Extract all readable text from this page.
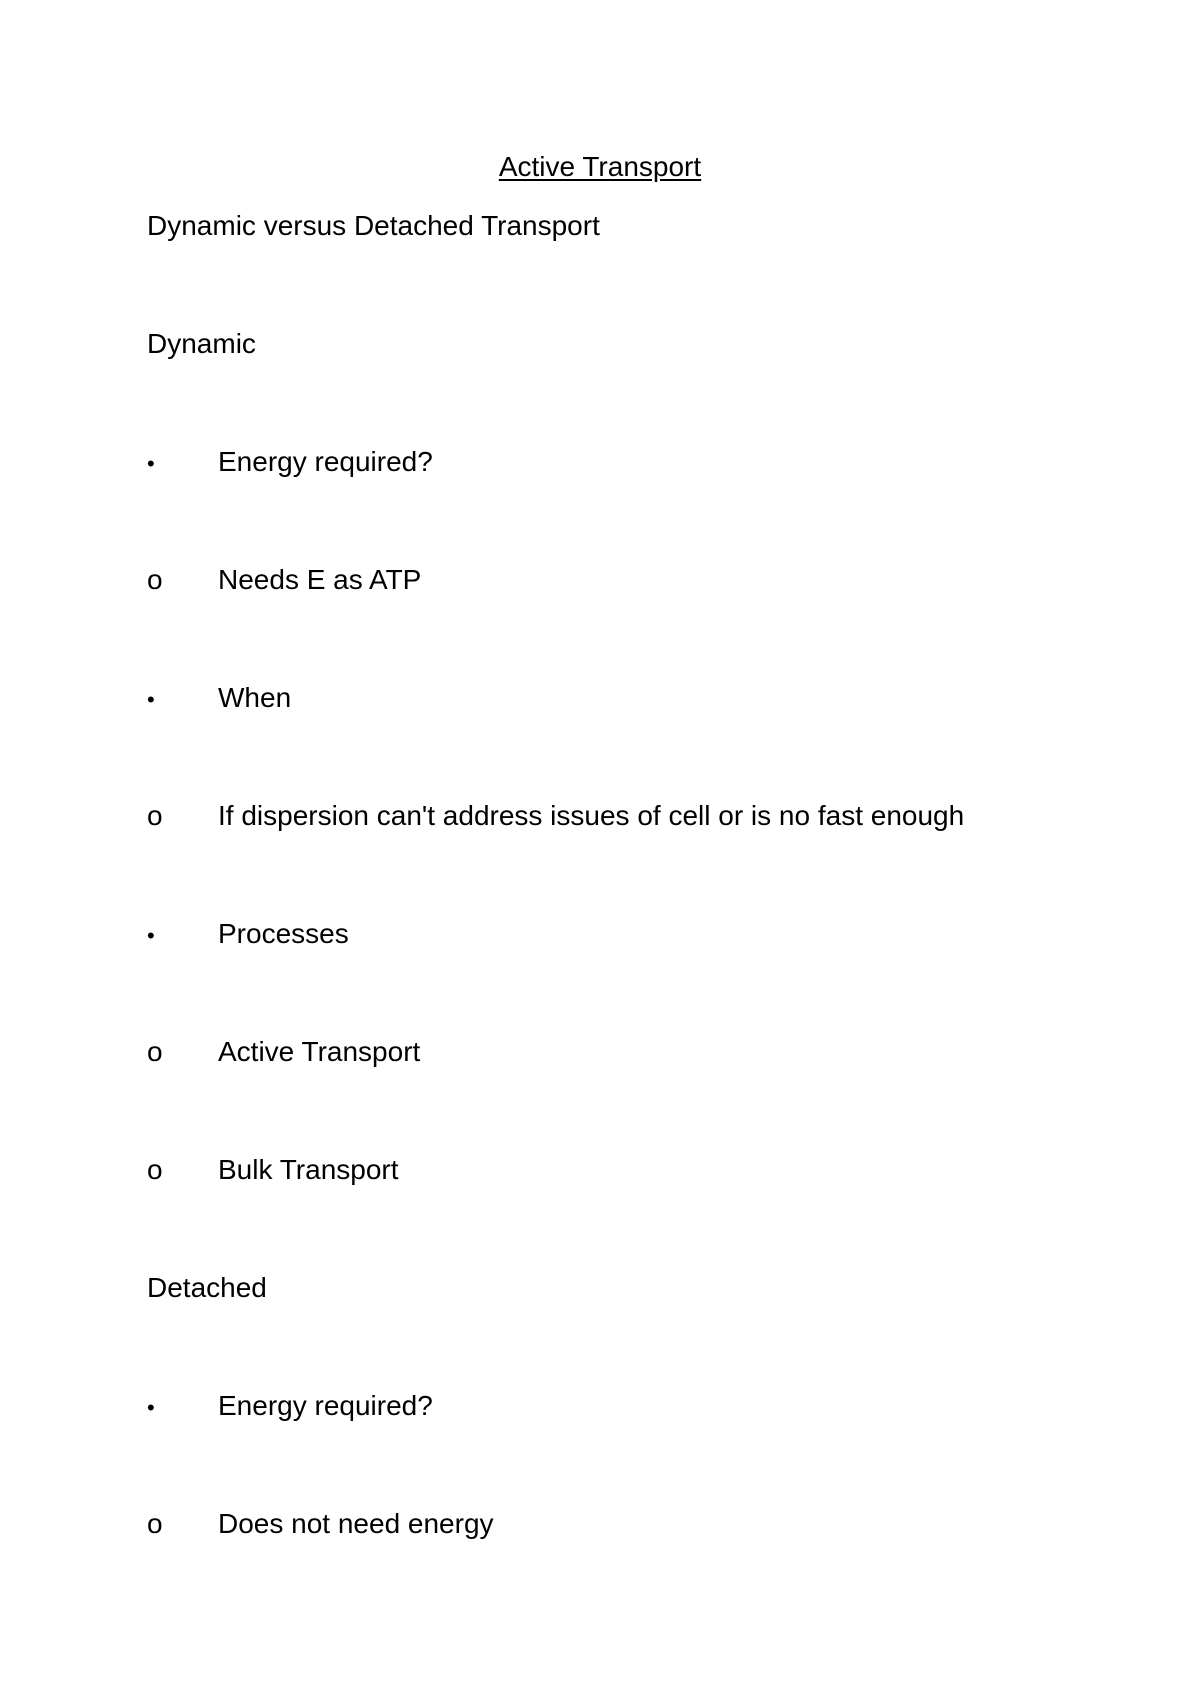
Active Transport
Dynamic versus Detached Transport
Dynamic
•	Energy required?
o	Needs E as ATP
•	When
o	If dispersion can't address issues of cell or is no fast enough
•	Processes
o	Active Transport
o	Bulk Transport
Detached
•	Energy required?
o	Does not need energy
